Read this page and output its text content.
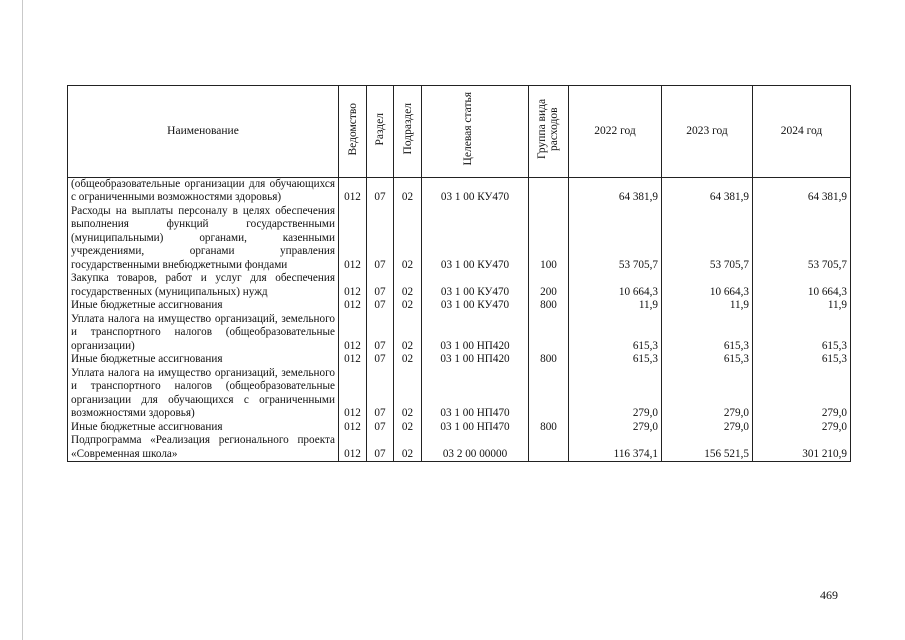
Наименование	Ведомство	Раздел	Подраздел	Целевая статья	Группа вида расходов	2022 год	2023 год	2024 год
(общеобразовательные организации для обучающихся с ограниченными возможностями здоровья)	012	07	02	03 1 00 КУ470		64 381,9	64 381,9	64 381,9
Расходы на выплаты персоналу в целях обеспечения выполнения функций государственными (муниципальными) органами, казенными учреждениями, органами управления государственными внебюджетными фондами	012	07	02	03 1 00 КУ470	100	53 705,7	53 705,7	53 705,7
Закупка товаров, работ и услуг для обеспечения государственных (муниципальных) нужд	012	07	02	03 1 00 КУ470	200	10 664,3	10 664,3	10 664,3
Иные бюджетные ассигнования	012	07	02	03 1 00 КУ470	800	11,9	11,9	11,9
Уплата налога на имущество организаций, земельного и транспортного налогов (общеобразовательные организации)	012	07	02	03 1 00 НП420		615,3	615,3	615,3
Иные бюджетные ассигнования	012	07	02	03 1 00 НП420	800	615,3	615,3	615,3
Уплата налога на имущество организаций, земельного и транспортного налогов (общеобразовательные организации для обучающихся с ограниченными возможностями здоровья)	012	07	02	03 1 00 НП470		279,0	279,0	279,0
Иные бюджетные ассигнования	012	07	02	03 1 00 НП470	800	279,0	279,0	279,0
Подпрограмма «Реализация регионального проекта «Современная школа»	012	07	02	03 2 00 00000		116 374,1	156 521,5	301 210,9
469
